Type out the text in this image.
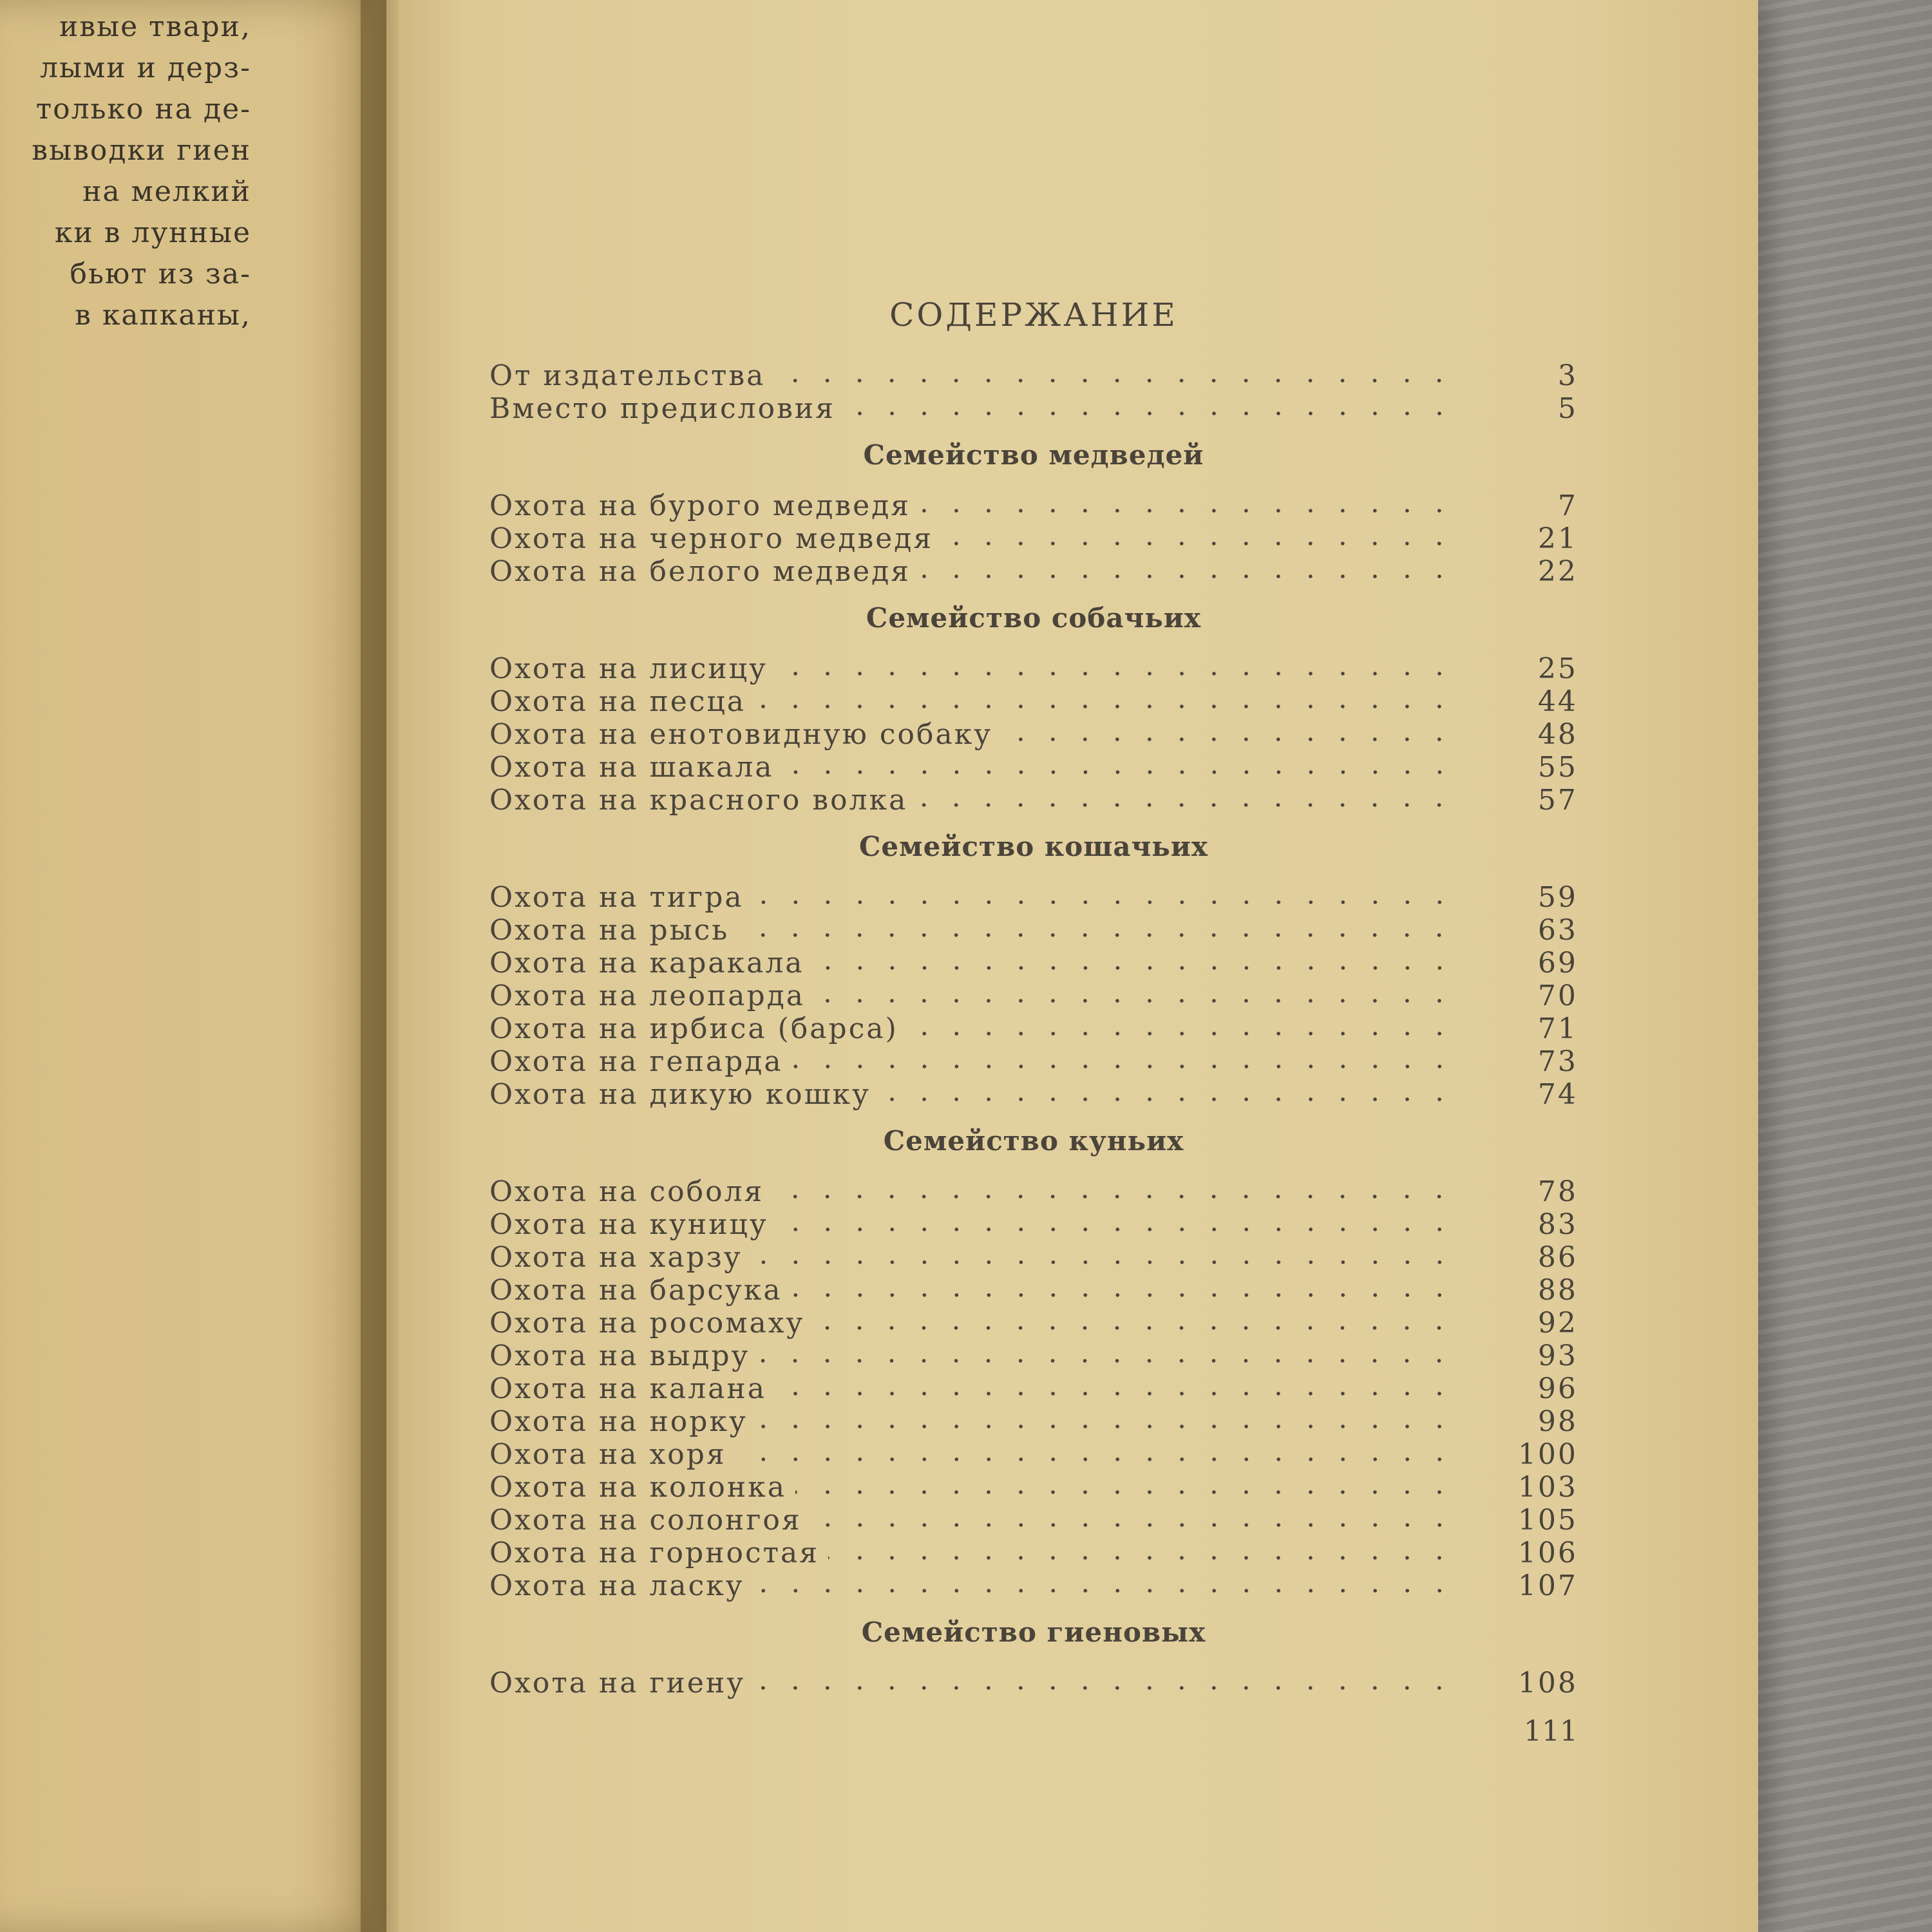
ивые твари,
лыми и дерз-
только на де-
выводки гиен
на мелкий
ки в лунные
бьют из за-
в капканы,	СОДЕРЖАНИЕ
От издательства	3
Вместо предисловия	5
Семейство медведей
Охота на бурого медведя	7
Охота на черного медведя	21
Охота на белого медведя	22
Семейство собачьих
Охота на лисицу	25
Охота на песца	44
Охота на енотовидную собаку	48
Охота на шакала	55
Охота на красного волка	57
Семейство кошачьих
Охота на тигра	59
Охота на рысь	63
Охота на каракала	69
Охота на леопарда	70
Охота на ирбиса (барса)	71
Охота на гепарда	73
Охота на дикую кошку	74
Семейство куньих
Охота на соболя	78
Охота на куницу	83
Охота на харзу	86
Охота на барсука	88
Охота на росомаху	92
Охота на выдру	93
Охота на калана	96
Охота на норку	98
Охота на хоря	100
Охота на колонка	103
Охота на солонгоя	105
Охота на горностая	106
Охота на ласку	107
Семейство гиеновых
Охота на гиену	108
111
